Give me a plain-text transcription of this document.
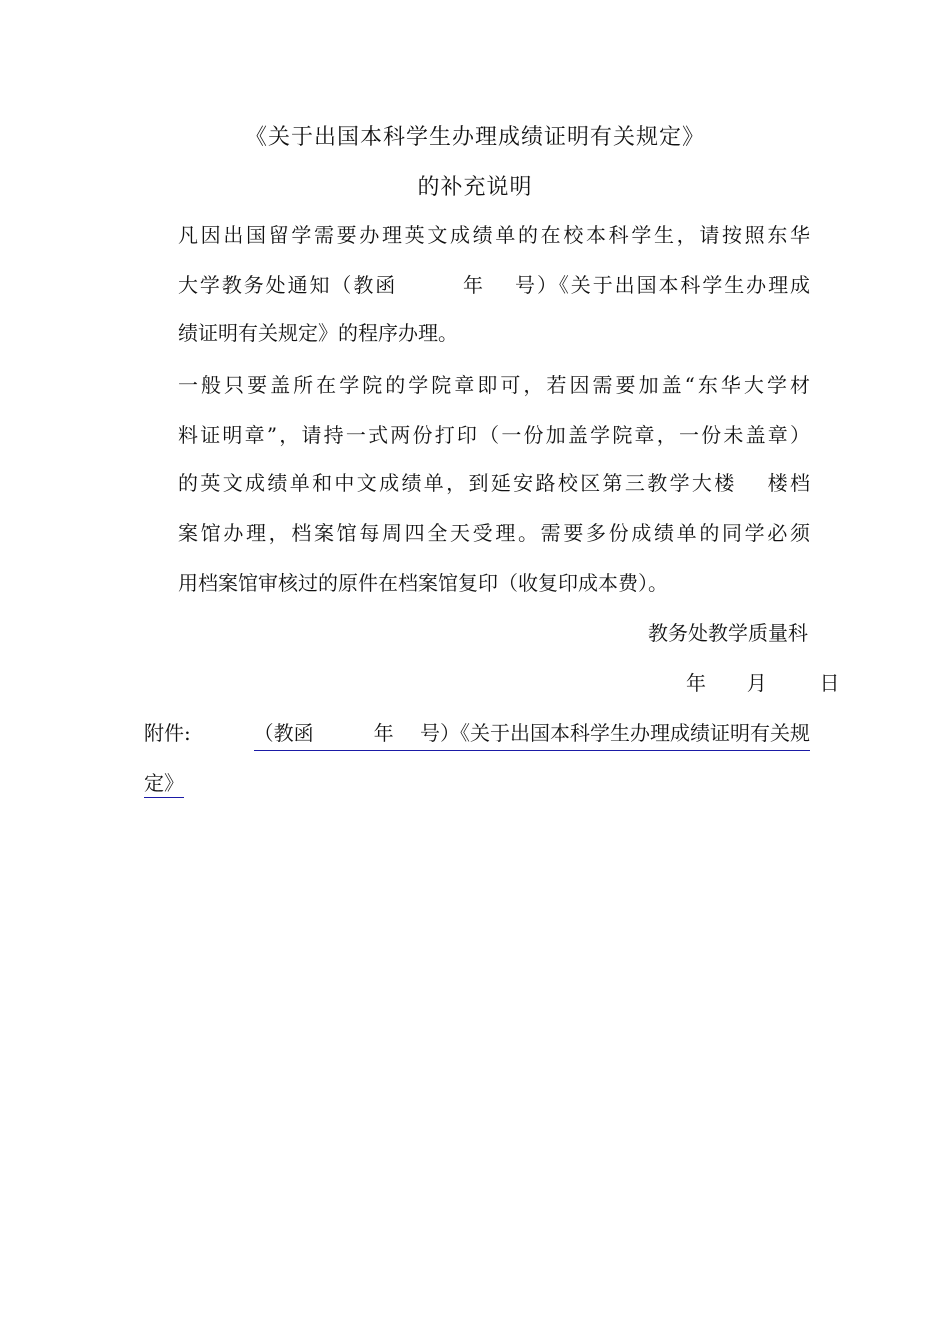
《关于出国本科学生办理成绩证明有关规定》
的补充说明
凡因出国留学需要办理英文成绩单的在校本科学生，请按照东华
大学教务处通知（教函　　　年　 号）《关于出国本科学生办理成
绩证明有关规定》的程序办理。
一般只要盖所在学院的学院章即可，若因需要加盖“东华大学材
料证明章”，请持一式两份打印（一份加盖学院章，一份未盖章）
的英文成绩单和中文成绩单，到延安路校区第三教学大楼　 楼档
案馆办理，档案馆每周四全天受理。需要多份成绩单的同学必须
用档案馆审核过的原件在档案馆复印（收复印成本费）。
教务处教学质量科
年 月	日
附件:	（教函　　　年　 号）《关于出国本科学生办理成绩证明有关规
定》
